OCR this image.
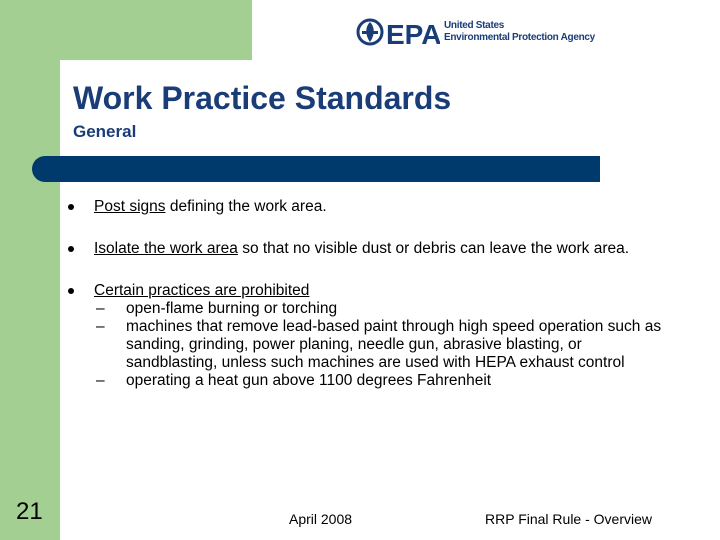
EPA United States
Environmental Protection Agency
Work Practice Standards
General
Post signs defining the work area.
Isolate the work area so that no visible dust or debris can leave the work area.
Certain practices are prohibited
– open-flame burning or torching
– machines that remove lead-based paint through high speed operation such as sanding, grinding, power planing, needle gun, abrasive blasting, or sandblasting, unless such machines are used with HEPA exhaust control
– operating a heat gun above 1100 degrees Fahrenheit
21	April 2008	RRP Final Rule - Overview
